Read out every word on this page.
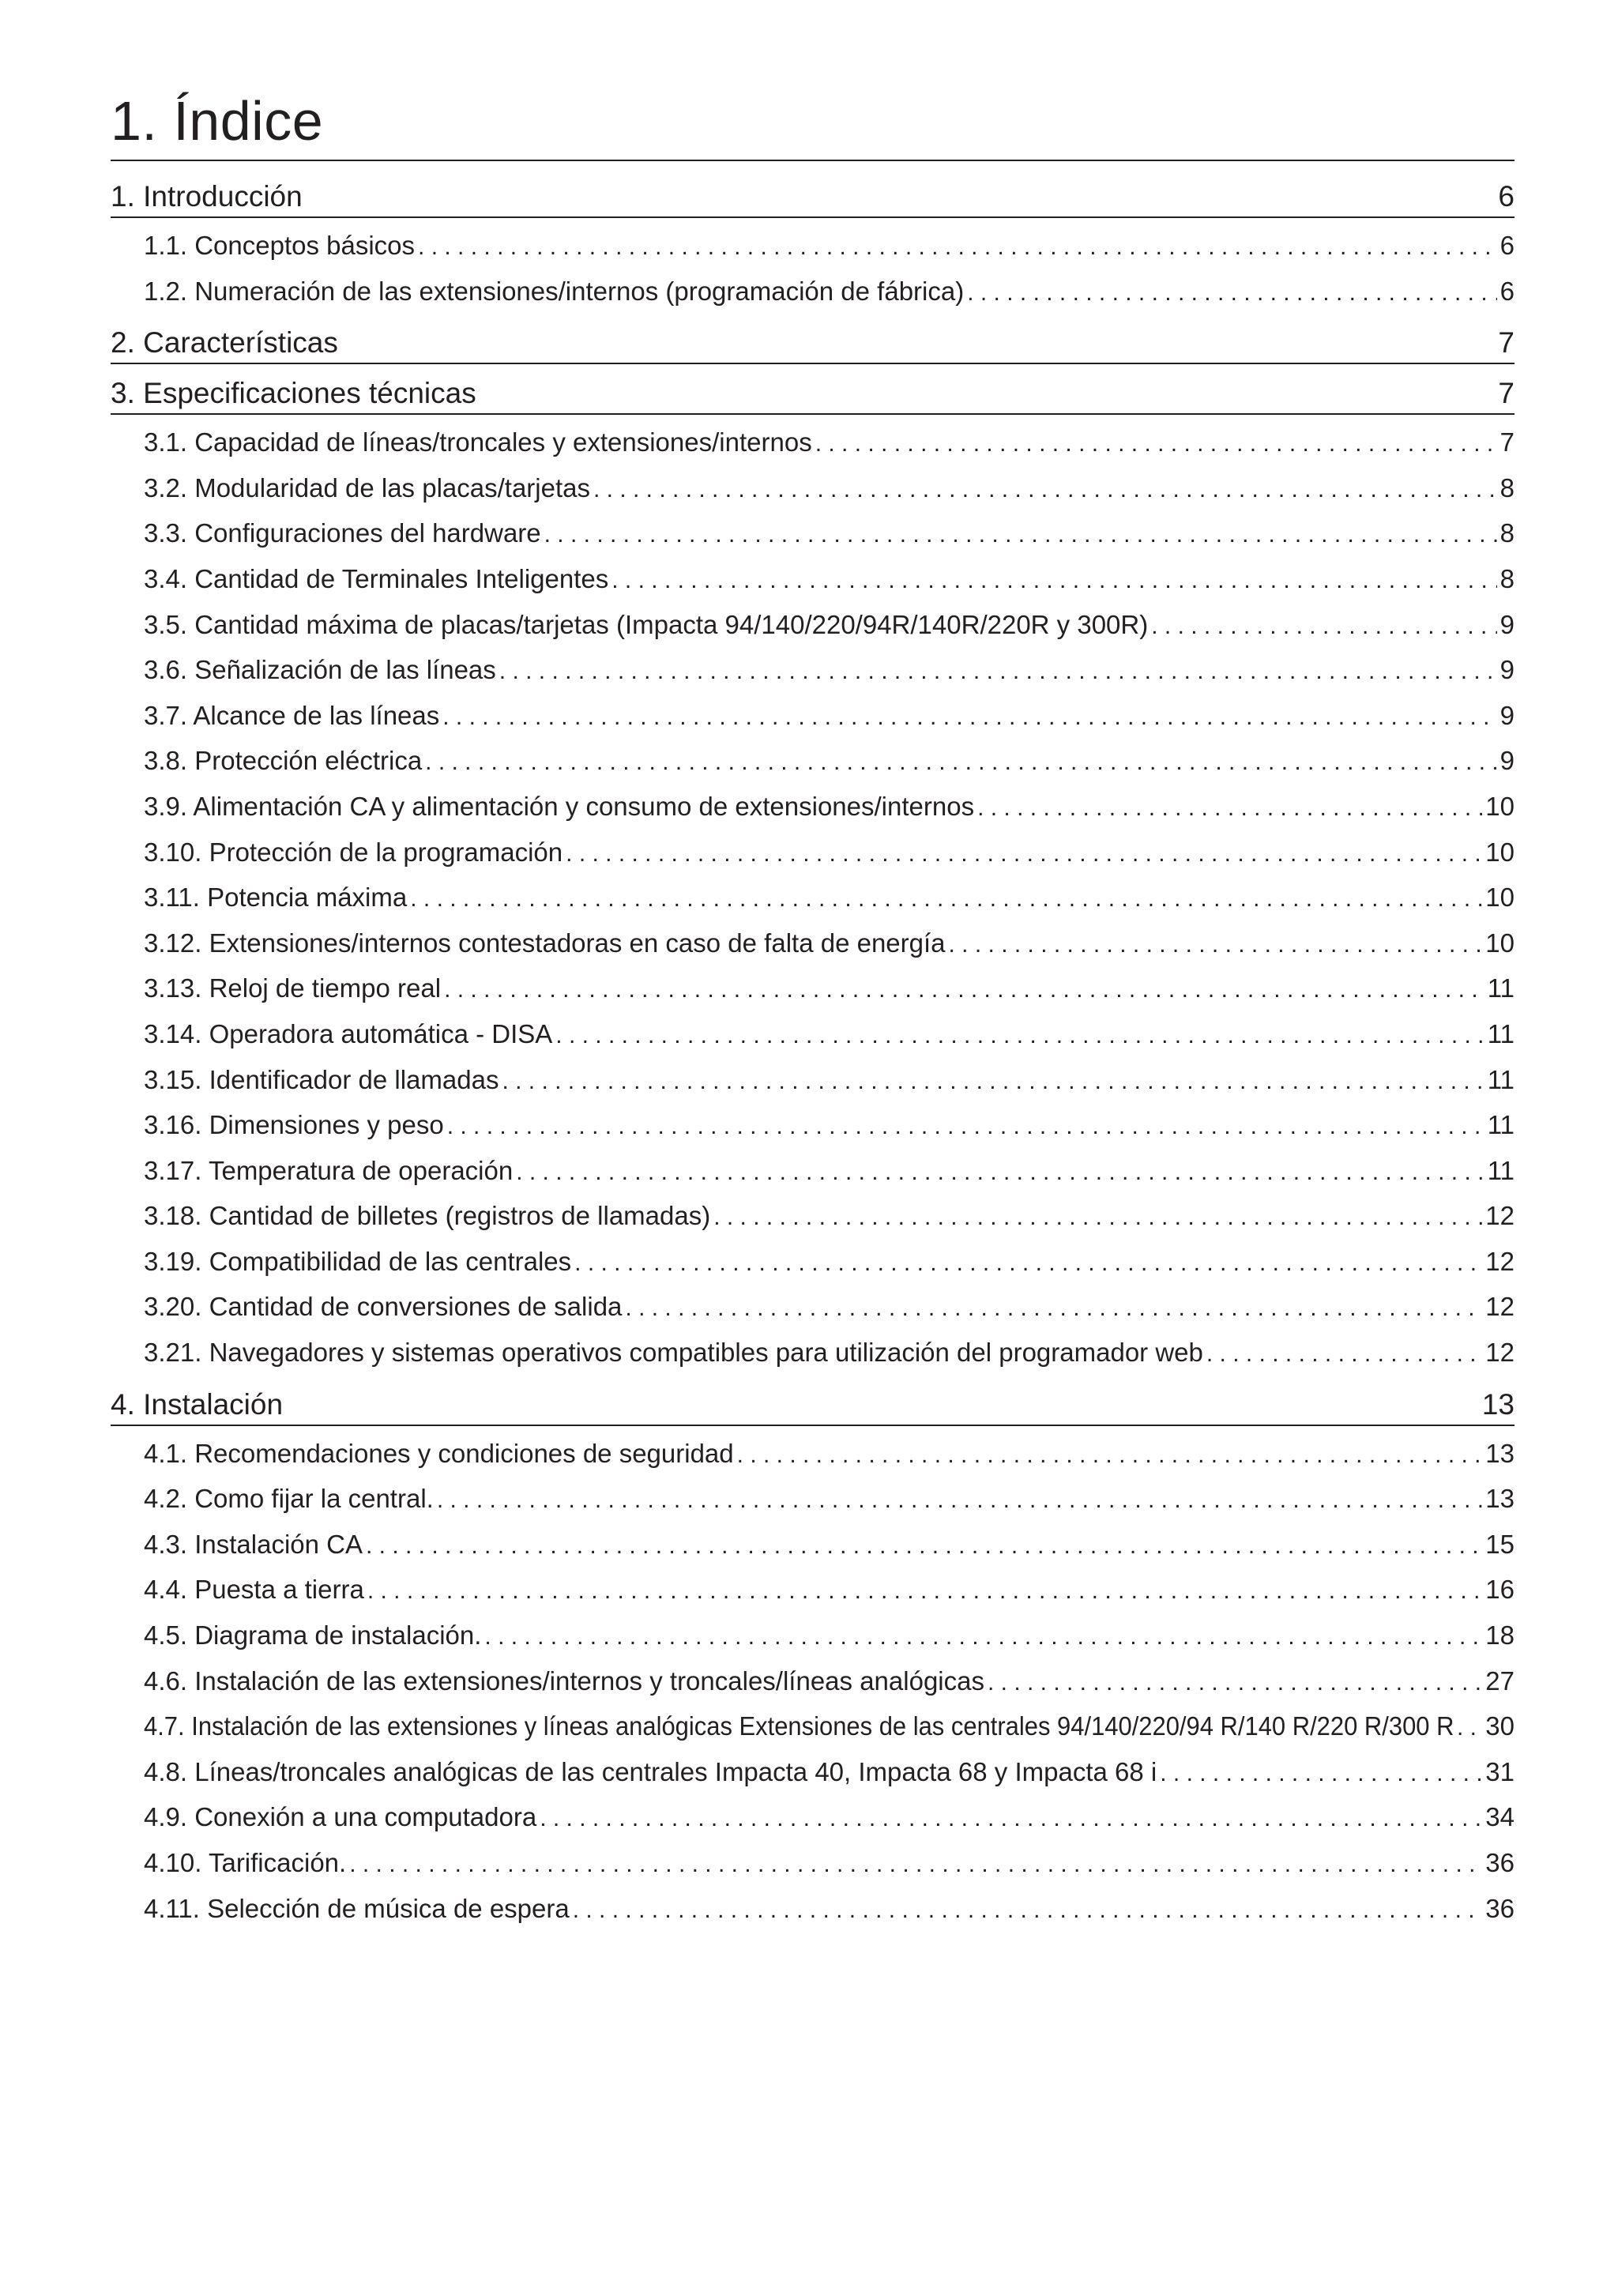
1. Índice
1. Introducción	6
1.1. Conceptos básicos . . .	6
1.2. Numeración de las extensiones/internos (programación de fábrica) . . .	6
2. Características	7
3. Especificaciones técnicas	7
3.1. Capacidad de líneas/troncales y extensiones/internos . . .	7
3.2. Modularidad de las placas/tarjetas . . .	8
3.3. Configuraciones del hardware . . .	8
3.4. Cantidad de Terminales Inteligentes . . .	8
3.5. Cantidad máxima de placas/tarjetas (Impacta 94/140/220/94R/140R/220R y 300R) . . .	9
3.6. Señalización de las líneas . . .	9
3.7. Alcance de las líneas . . .	9
3.8. Protección eléctrica . . .	9
3.9. Alimentación CA y alimentación y consumo de extensiones/internos . . .	10
3.10. Protección de la programación . . .	10
3.11. Potencia máxima . . .	10
3.12. Extensiones/internos contestadoras en caso de falta de energía . . .	10
3.13. Reloj de tiempo real . . .	11
3.14. Operadora automática - DISA . . .	11
3.15. Identificador de llamadas . . .	11
3.16. Dimensiones y peso . . .	11
3.17. Temperatura de operación . . .	11
3.18. Cantidad de billetes (registros de llamadas) . . .	12
3.19. Compatibilidad de las centrales . . .	12
3.20. Cantidad de conversiones de salida . . .	12
3.21. Navegadores y sistemas operativos compatibles para utilización del programador web . . .	12
4. Instalación	13
4.1. Recomendaciones y condiciones de seguridad . . .	13
4.2. Como fijar la central. . . .	13
4.3. Instalación CA . . .	15
4.4. Puesta a tierra . . .	16
4.5. Diagrama de instalación. . . .	18
4.6. Instalación de las extensiones/internos y troncales/líneas analógicas . . .	27
4.7. Instalación de las extensiones y líneas analógicas Extensiones de las centrales 94/140/220/94 R/140 R/220 R/300 R . . . 30
4.8. Líneas/troncales analógicas de las centrales Impacta 40, Impacta 68 y Impacta 68 i . . .	31
4.9. Conexión a una computadora . . .	34
4.10. Tarificación. . . .	36
4.11. Selección de música de espera . . .	36
